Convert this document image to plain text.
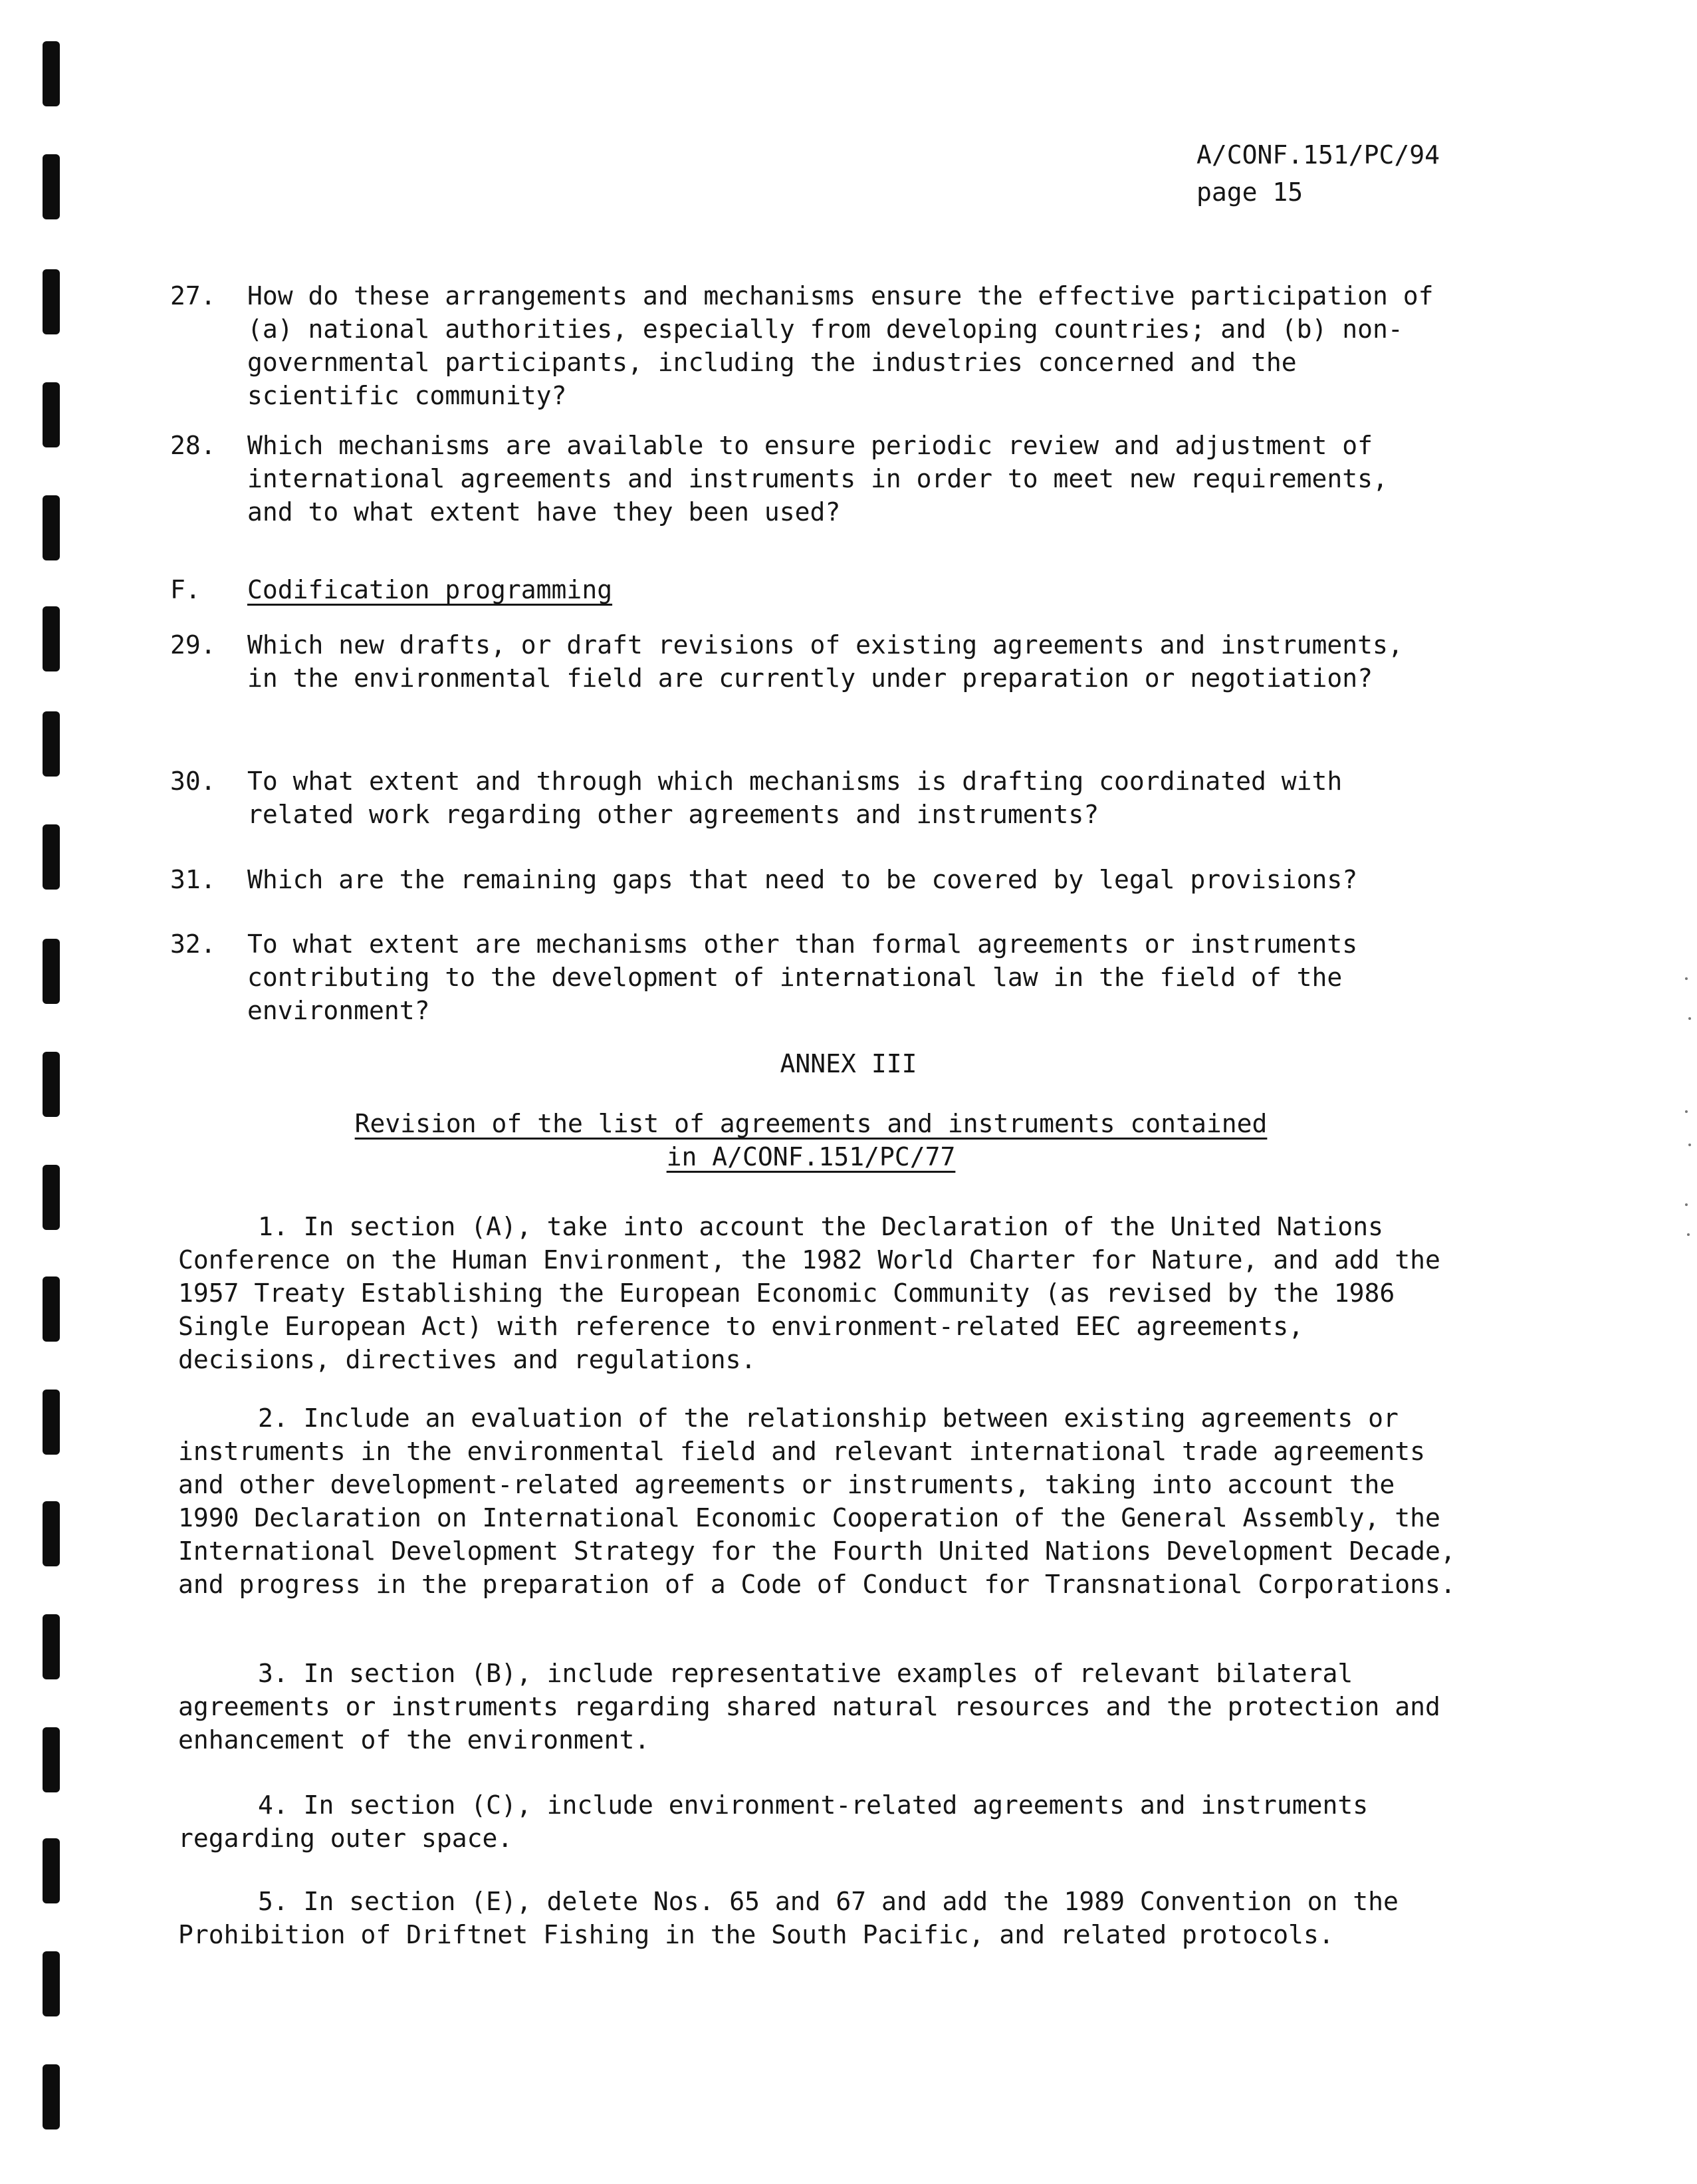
A/CONF.151/PC/94
page 15
27. How do these arrangements and mechanisms ensure the effective participation of (a) national authorities, especially from developing countries; and (b) non-governmental participants, including the industries concerned and the scientific community?
28. Which mechanisms are available to ensure periodic review and adjustment of international agreements and instruments in order to meet new requirements, and to what extent have they been used?
F. Codification programming
29. Which new drafts, or draft revisions of existing agreements and instruments, in the environmental field are currently under preparation or negotiation?
30. To what extent and through which mechanisms is drafting coordinated with related work regarding other agreements and instruments?
31. Which are the remaining gaps that need to be covered by legal provisions?
32. To what extent are mechanisms other than formal agreements or instruments contributing to the development of international law in the field of the environment?
ANNEX III
Revision of the list of agreements and instruments contained
in A/CONF.151/PC/77
1. In section (A), take into account the Declaration of the United Nations Conference on the Human Environment, the 1982 World Charter for Nature, and add the 1957 Treaty Establishing the European Economic Community (as revised by the 1986 Single European Act) with reference to environment-related EEC agreements, decisions, directives and regulations.
2. Include an evaluation of the relationship between existing agreements or instruments in the environmental field and relevant international trade agreements and other development-related agreements or instruments, taking into account the 1990 Declaration on International Economic Cooperation of the General Assembly, the International Development Strategy for the Fourth United Nations Development Decade, and progress in the preparation of a Code of Conduct for Transnational Corporations.
3. In section (B), include representative examples of relevant bilateral agreements or instruments regarding shared natural resources and the protection and enhancement of the environment.
4. In section (C), include environment-related agreements and instruments regarding outer space.
5. In section (E), delete Nos. 65 and 67 and add the 1989 Convention on the Prohibition of Driftnet Fishing in the South Pacific, and related protocols.
